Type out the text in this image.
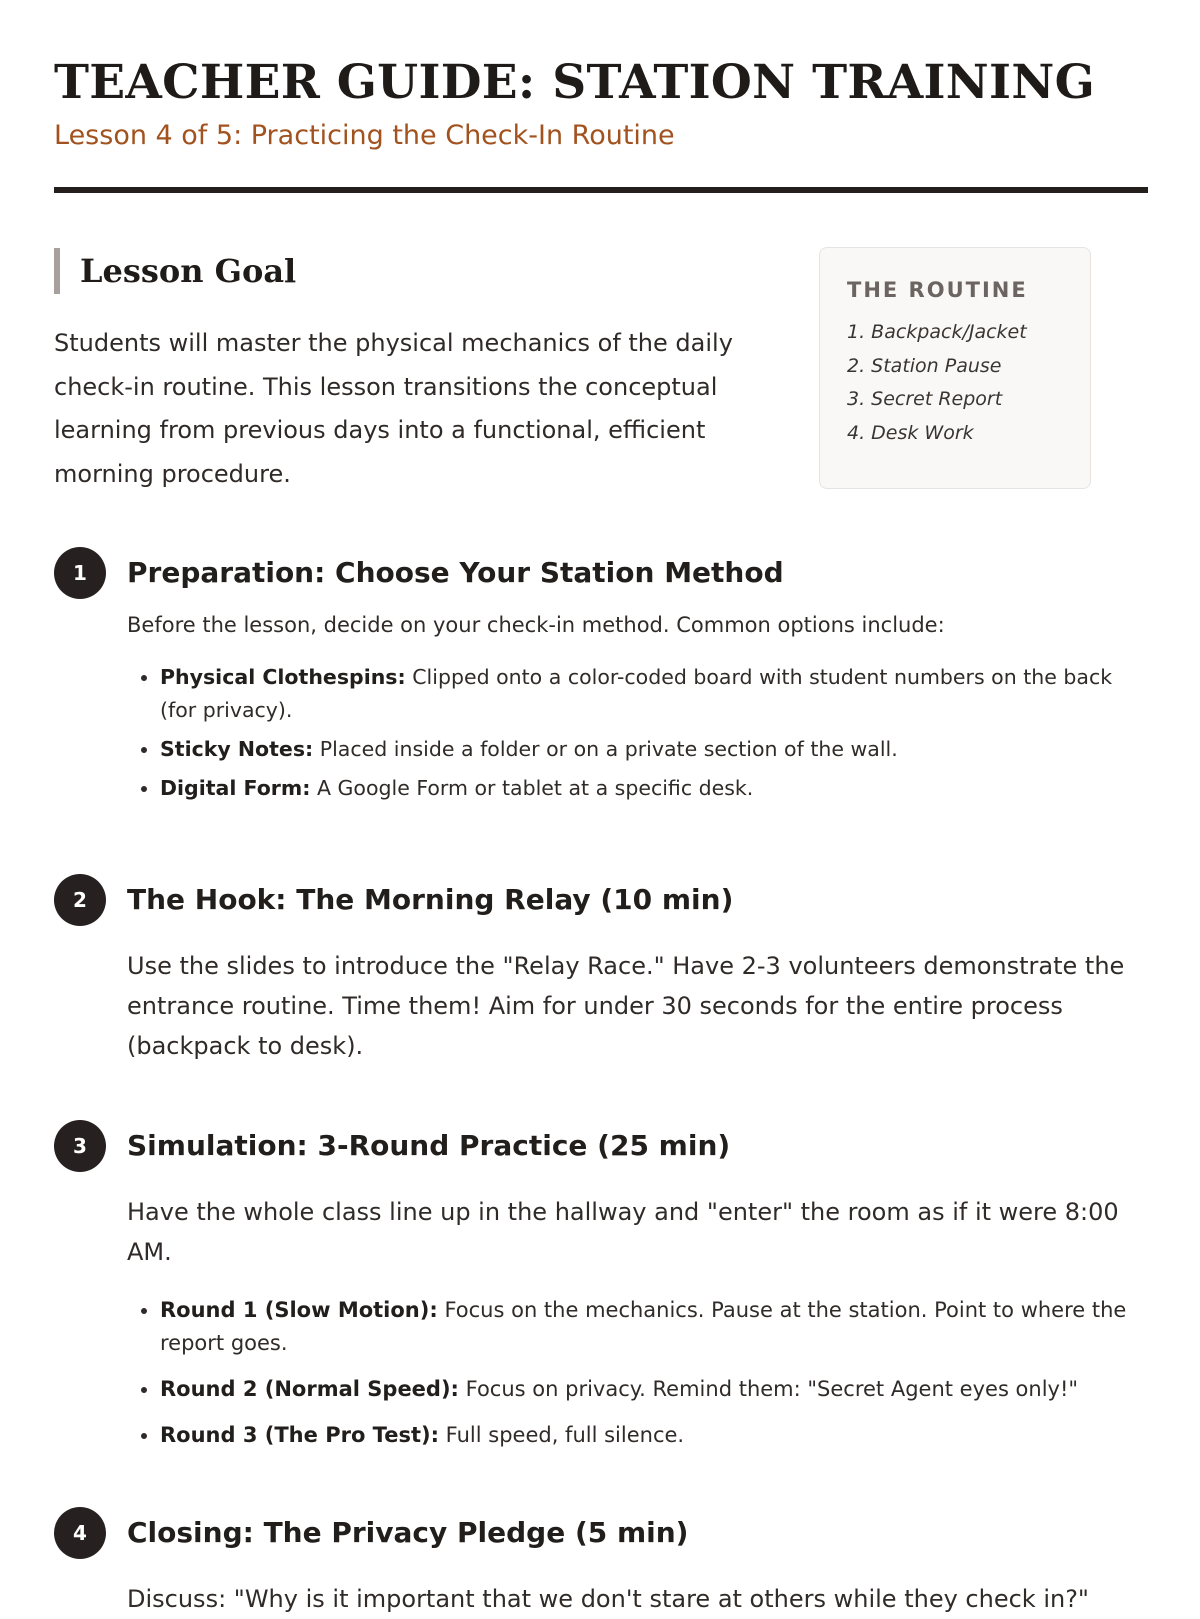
TEACHER GUIDE: STATION TRAINING
Lesson 4 of 5: Practicing the Check-In Routine
Lesson Goal

Students will master the physical mechanics of the daily check-in routine. This lesson transitions the conceptual learning from previous days into a functional, efficient morning procedure.

THE ROUTINE
1. Backpack/Jacket
2. Station Pause
3. Secret Report
4. Desk Work
1	Preparation: Choose Your Station Method

Before the lesson, decide on your check-in method. Common options include:

• Physical Clothespins: Clipped onto a color-coded board with student numbers on the back (for privacy).
• Sticky Notes: Placed inside a folder or on a private section of the wall.
• Digital Form: A Google Form or tablet at a specific desk.
2	The Hook: The Morning Relay (10 min)

Use the slides to introduce the "Relay Race." Have 2-3 volunteers demonstrate the entrance routine. Time them! Aim for under 30 seconds for the entire process (backpack to desk).

3	Simulation: 3-Round Practice (25 min)

Have the whole class line up in the hallway and "enter" the room as if it were 8:00 AM.

• Round 1 (Slow Motion): Focus on the mechanics. Pause at the station. Point to where the report goes.
• Round 2 (Normal Speed): Focus on privacy. Remind them: "Secret Agent eyes only!"
• Round 3 (The Pro Test): Full speed, full silence.
4	Closing: The Privacy Pledge (5 min)

Discuss: "Why is it important that we don't stare at others while they check in?"
